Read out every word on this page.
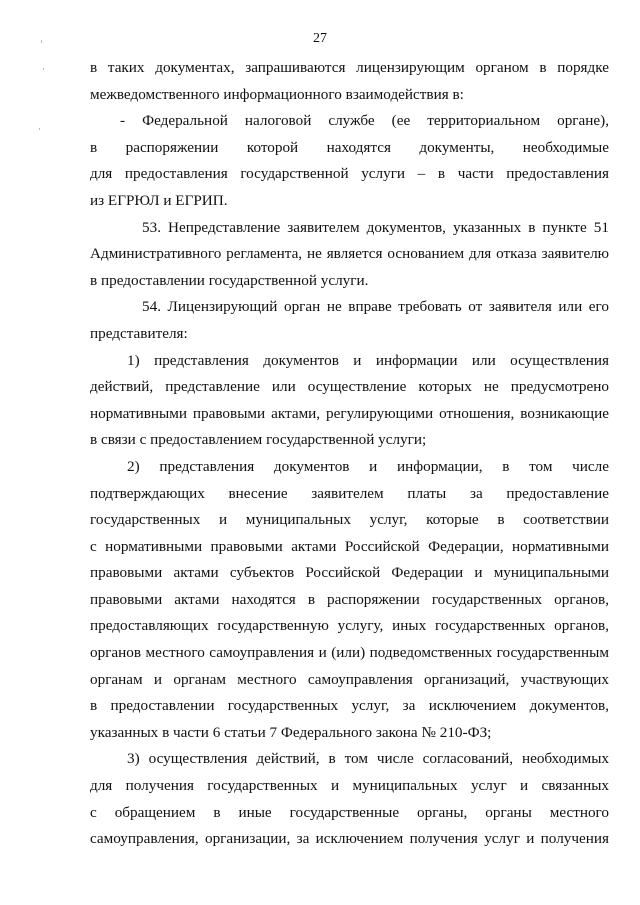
27
в таких документах, запрашиваются лицензирующим органом в порядке
межведомственного информационного взаимодействия в:
- Федеральной налоговой службе (ее территориальном органе),
в распоряжении которой находятся документы, необходимые
для предоставления государственной услуги – в части предоставления
из ЕГРЮЛ и ЕГРИП.
53. Непредставление заявителем документов, указанных в пункте 51
Административного регламента, не является основанием для отказа заявителю
в предоставлении государственной услуги.
54. Лицензирующий орган не вправе требовать от заявителя или его
представителя:
1) представления документов и информации или осуществления
действий, представление или осуществление которых не предусмотрено
нормативными правовыми актами, регулирующими отношения, возникающие
в связи с предоставлением государственной услуги;
2) представления документов и информации, в том числе
подтверждающих внесение заявителем платы за предоставление
государственных и муниципальных услуг, которые в соответствии
с нормативными правовыми актами Российской Федерации, нормативными
правовыми актами субъектов Российской Федерации и муниципальными
правовыми актами находятся в распоряжении государственных органов,
предоставляющих государственную услугу, иных государственных органов,
органов местного самоуправления и (или) подведомственных государственным
органам и органам местного самоуправления организаций, участвующих
в предоставлении государственных услуг, за исключением документов,
указанных в части 6 статьи 7 Федерального закона № 210-ФЗ;
3) осуществления действий, в том числе согласований, необходимых
для получения государственных и муниципальных услуг и связанных
с обращением в иные государственные органы, органы местного
самоуправления, организации, за исключением получения услуг и получения
